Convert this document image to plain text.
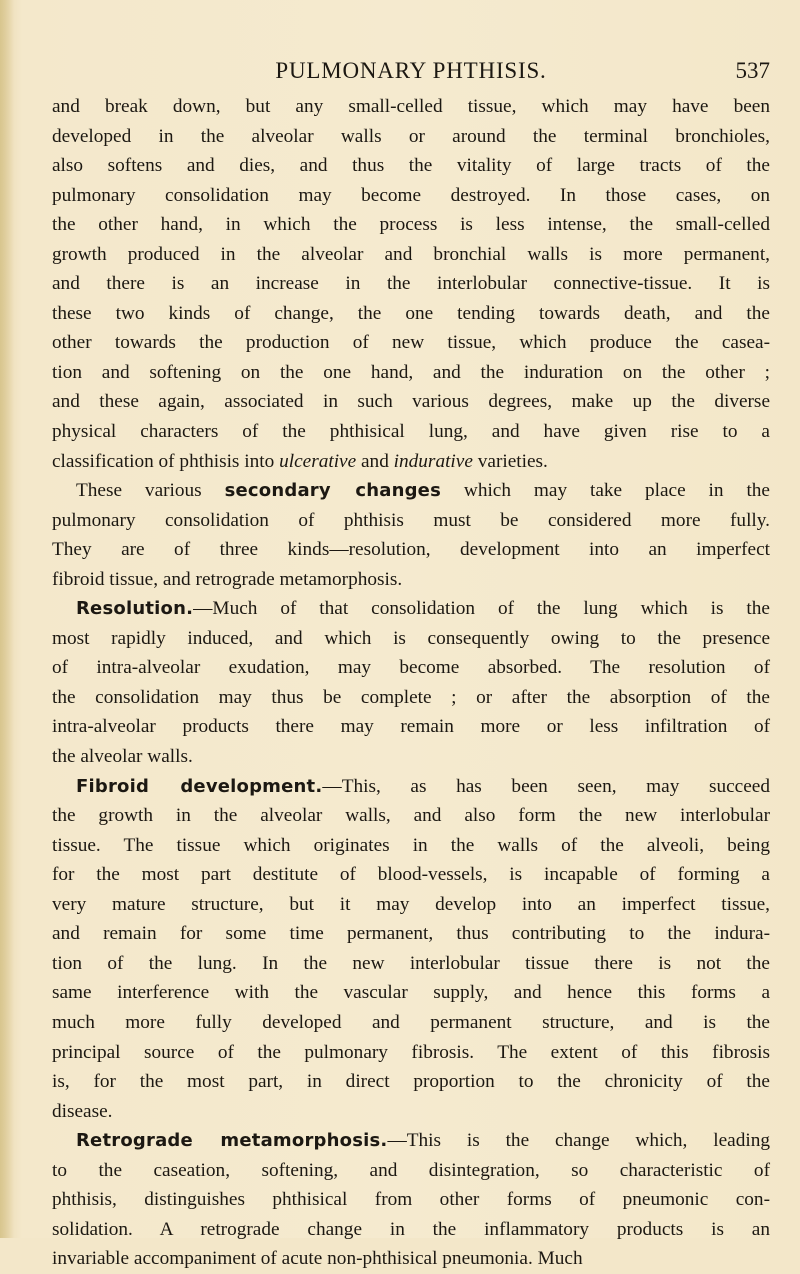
PULMONARY PHTHISIS.	537
and break down, but any small-celled tissue, which may have been
developed in the alveolar walls or around the terminal bronchioles,
also softens and dies, and thus the vitality of large tracts of the
pulmonary consolidation may become destroyed. In those cases, on
the other hand, in which the process is less intense, the small-celled
growth produced in the alveolar and bronchial walls is more permanent,
and there is an increase in the interlobular connective-tissue. It is
these two kinds of change, the one tending towards death, and the
other towards the production of new tissue, which produce the casea-
tion and softening on the one hand, and the induration on the other ;
and these again, associated in such various degrees, make up the diverse
physical characters of the phthisical lung, and have given rise to a
classification of phthisis into ulcerative and indurative varieties.
These various secondary changes which may take place in the
pulmonary consolidation of phthisis must be considered more fully.
They are of three kinds—resolution, development into an imperfect
fibroid tissue, and retrograde metamorphosis.
Resolution.—Much of that consolidation of the lung which is the
most rapidly induced, and which is consequently owing to the presence
of intra-alveolar exudation, may become absorbed. The resolution of
the consolidation may thus be complete ; or after the absorption of the
intra-alveolar products there may remain more or less infiltration of
the alveolar walls.
Fibroid development.—This, as has been seen, may succeed
the growth in the alveolar walls, and also form the new interlobular
tissue. The tissue which originates in the walls of the alveoli, being
for the most part destitute of blood-vessels, is incapable of forming a
very mature structure, but it may develop into an imperfect tissue,
and remain for some time permanent, thus contributing to the indura-
tion of the lung. In the new interlobular tissue there is not the
same interference with the vascular supply, and hence this forms a
much more fully developed and permanent structure, and is the
principal source of the pulmonary fibrosis. The extent of this fibrosis
is, for the most part, in direct proportion to the chronicity of the
disease.
Retrograde metamorphosis.—This is the change which, leading
to the caseation, softening, and disintegration, so characteristic of
phthisis, distinguishes phthisical from other forms of pneumonic con-
solidation. A retrograde change in the inflammatory products is an
invariable accompaniment of acute non-phthisical pneumonia. Much
